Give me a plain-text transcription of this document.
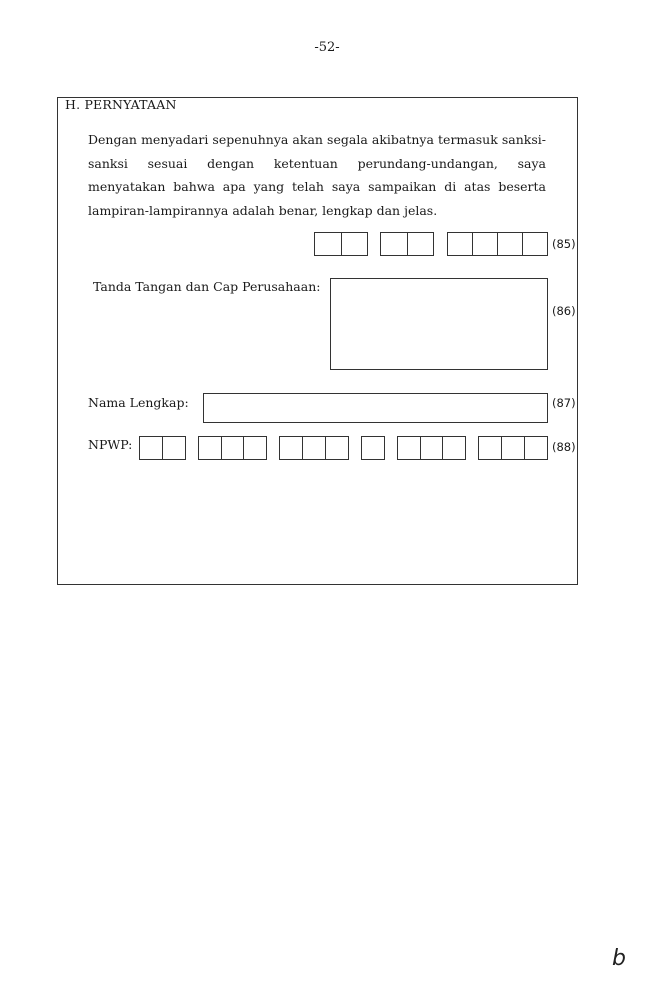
-52-
H. PERNYATAAN

Dengan menyadari sepenuhnya akan segala akibatnya termasuk sanksi-sanksi sesuai dengan ketentuan perundang-undangan, saya menyatakan bahwa apa yang telah saya sampaikan di atas beserta lampiran-lampirannya adalah benar, lengkap dan jelas.

(85)
Tanda Tangan dan Cap Perusahaan:
(86)
Nama Lengkap:	(87)
NPWP:	(88)
b
